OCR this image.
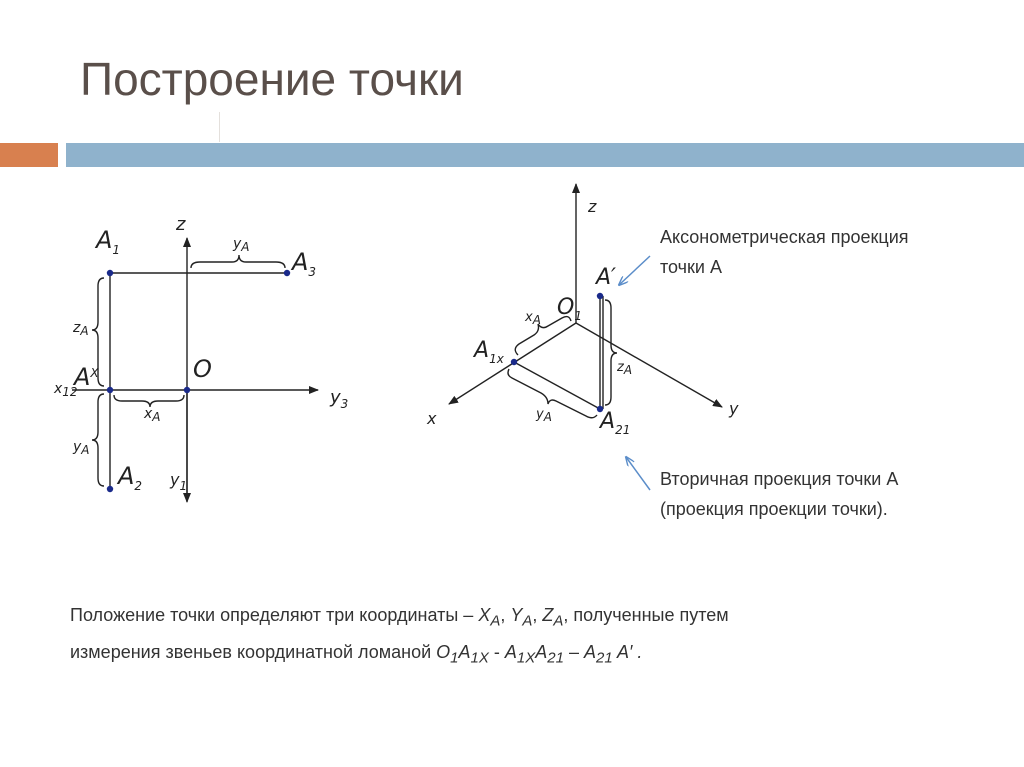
Построение точки
z
$y_3$
$y_1$
O
x12
$A^X$
$A_1$
$A_2$
$A_3$
yA
zA
xA
yA
z
x
y
$O_1$
A′
$A_{1x}$
$A_{21}$
xA
yA
zA
Аксонометрическая проекция
точки А
Вторичная проекция точки А
(проекция проекции точки).
Положение точки определяют три координаты – $X_A$, $Y_A$, $Z_A$, полученные путем
измерения звеньев координатной ломаной $O_1A_{1X} - A_{1X}A_{21} - A_{21}$ A′ .
